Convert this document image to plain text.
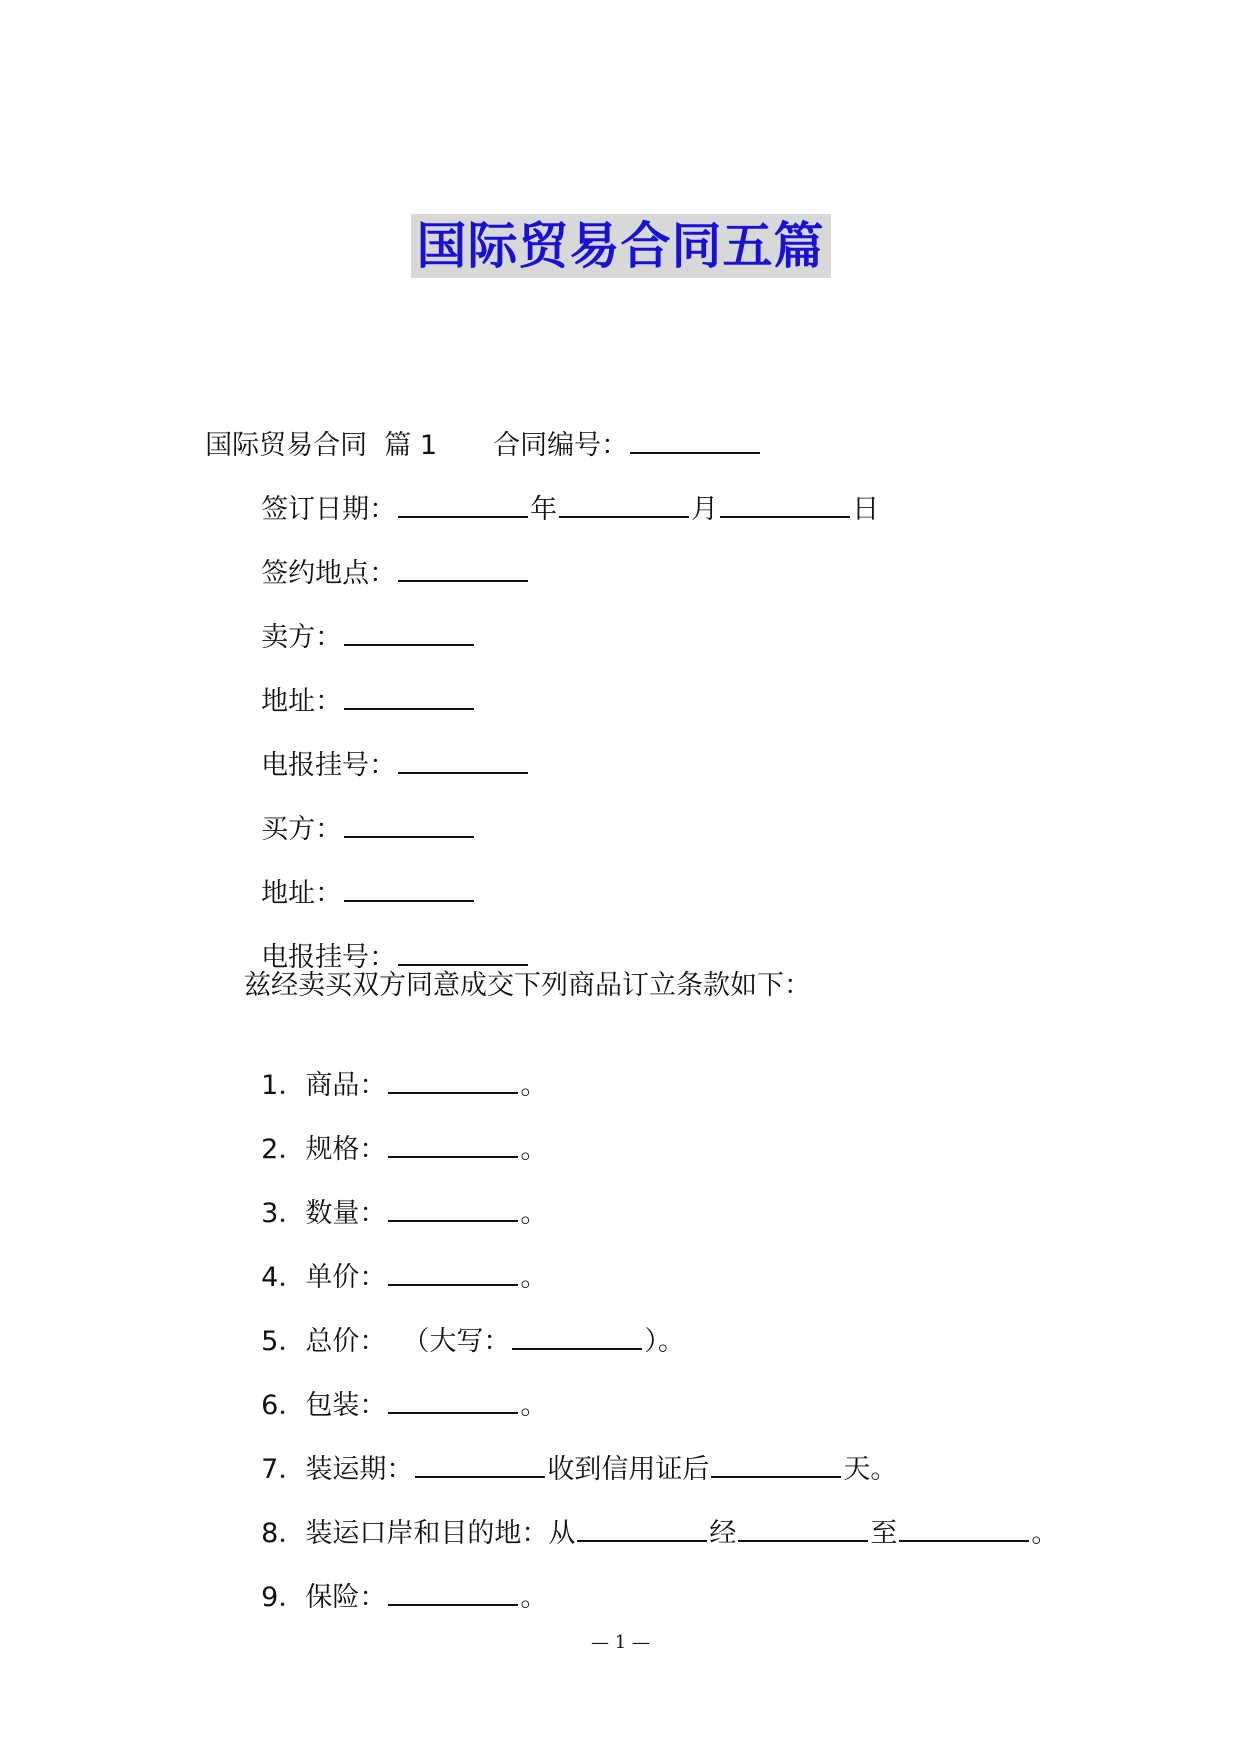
国际贸易合同五篇

国际贸易合同  篇 1 合同编号：

签订日期：	年	月	日

签约地点：

卖方：

地址：

电报挂号：

买方：

地址：

电报挂号：

兹经卖买双方同意成交下列商品订立条款如下：

1．商品：	。

2．规格：	。

3．数量：	。

4．单价：	。

5．总价： （大写：	）。

6．包装：	。

7．装运期：	收到信用证后	天。

8．装运口岸和目的地：从	经	至	。

9．保险：	。

— 1 —
